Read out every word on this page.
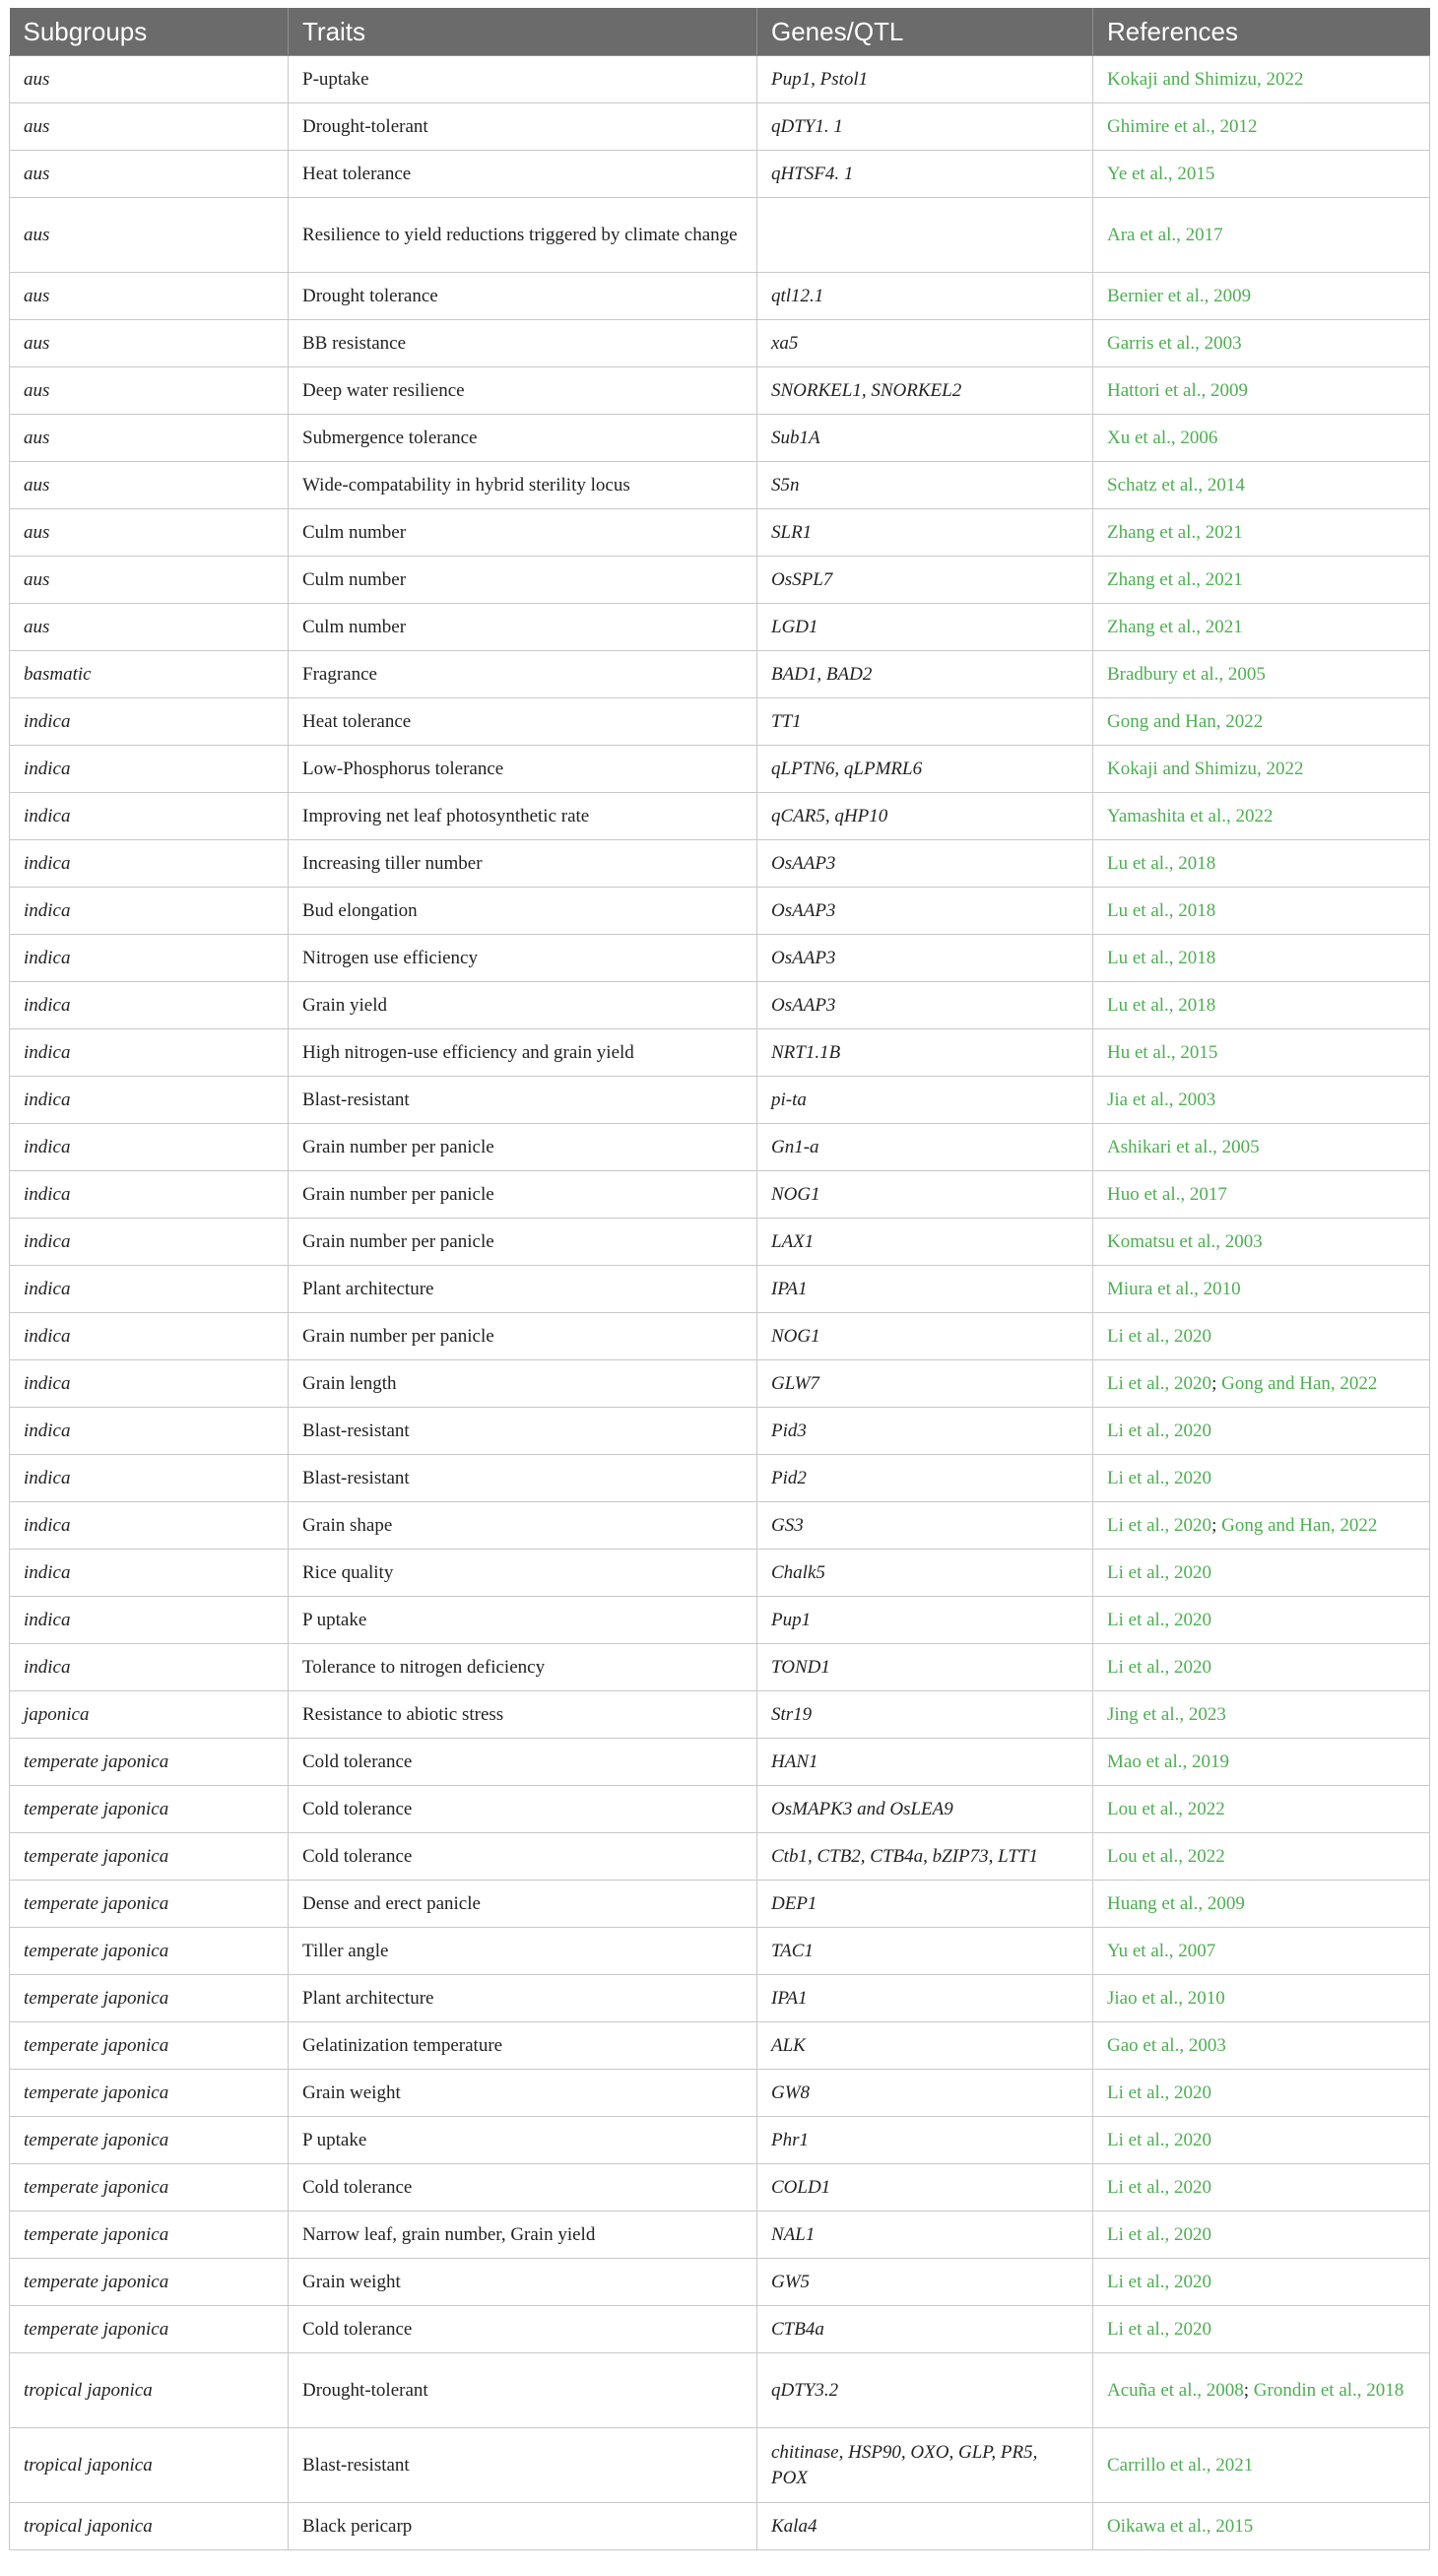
Subgroups	Traits	Genes/QTL	References
aus	P-uptake	Pup1, Pstol1	Kokaji and Shimizu, 2022
aus	Drought-tolerant	qDTY1. 1	Ghimire et al., 2012
aus	Heat tolerance	qHTSF4. 1	Ye et al., 2015
aus	Resilience to yield reductions triggered by climate change		Ara et al., 2017
aus	Drought tolerance	qtl12.1	Bernier et al., 2009
aus	BB resistance	xa5	Garris et al., 2003
aus	Deep water resilience	SNORKEL1, SNORKEL2	Hattori et al., 2009
aus	Submergence tolerance	Sub1A	Xu et al., 2006
aus	Wide-compatability in hybrid sterility locus	S5n	Schatz et al., 2014
aus	Culm number	SLR1	Zhang et al., 2021
aus	Culm number	OsSPL7	Zhang et al., 2021
aus	Culm number	LGD1	Zhang et al., 2021
basmatic	Fragrance	BAD1, BAD2	Bradbury et al., 2005
indica	Heat tolerance	TT1	Gong and Han, 2022
indica	Low-Phosphorus tolerance	qLPTN6, qLPMRL6	Kokaji and Shimizu, 2022
indica	Improving net leaf photosynthetic rate	qCAR5, qHP10	Yamashita et al., 2022
indica	Increasing tiller number	OsAAP3	Lu et al., 2018
indica	Bud elongation	OsAAP3	Lu et al., 2018
indica	Nitrogen use efficiency	OsAAP3	Lu et al., 2018
indica	Grain yield	OsAAP3	Lu et al., 2018
indica	High nitrogen-use efficiency and grain yield	NRT1.1B	Hu et al., 2015
indica	Blast-resistant	pi-ta	Jia et al., 2003
indica	Grain number per panicle	Gn1-a	Ashikari et al., 2005
indica	Grain number per panicle	NOG1	Huo et al., 2017
indica	Grain number per panicle	LAX1	Komatsu et al., 2003
indica	Plant architecture	IPA1	Miura et al., 2010
indica	Grain number per panicle	NOG1	Li et al., 2020
indica	Grain length	GLW7	Li et al., 2020; Gong and Han, 2022
indica	Blast-resistant	Pid3	Li et al., 2020
indica	Blast-resistant	Pid2	Li et al., 2020
indica	Grain shape	GS3	Li et al., 2020; Gong and Han, 2022
indica	Rice quality	Chalk5	Li et al., 2020
indica	P uptake	Pup1	Li et al., 2020
indica	Tolerance to nitrogen deficiency	TOND1	Li et al., 2020
japonica	Resistance to abiotic stress	Str19	Jing et al., 2023
temperate japonica	Cold tolerance	HAN1	Mao et al., 2019
temperate japonica	Cold tolerance	OsMAPK3 and OsLEA9	Lou et al., 2022
temperate japonica	Cold tolerance	Ctb1, CTB2, CTB4a, bZIP73, LTT1	Lou et al., 2022
temperate japonica	Dense and erect panicle	DEP1	Huang et al., 2009
temperate japonica	Tiller angle	TAC1	Yu et al., 2007
temperate japonica	Plant architecture	IPA1	Jiao et al., 2010
temperate japonica	Gelatinization temperature	ALK	Gao et al., 2003
temperate japonica	Grain weight	GW8	Li et al., 2020
temperate japonica	P uptake	Phr1	Li et al., 2020
temperate japonica	Cold tolerance	COLD1	Li et al., 2020
temperate japonica	Narrow leaf, grain number, Grain yield	NAL1	Li et al., 2020
temperate japonica	Grain weight	GW5	Li et al., 2020
temperate japonica	Cold tolerance	CTB4a	Li et al., 2020
tropical japonica	Drought-tolerant	qDTY3.2	Acuña et al., 2008; Grondin et al., 2018
tropical japonica	Blast-resistant	chitinase, HSP90, OXO, GLP, PR5, POX	Carrillo et al., 2021
tropical japonica	Black pericarp	Kala4	Oikawa et al., 2015
